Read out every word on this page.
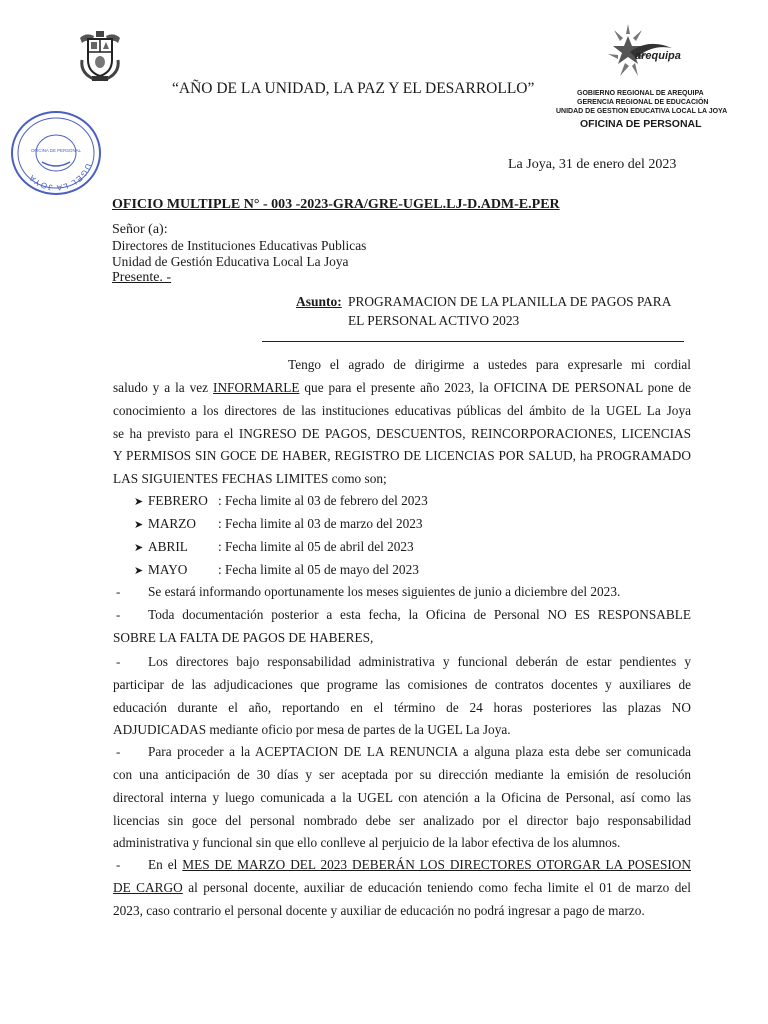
“AÑO DE LA UNIDAD, LA PAZ Y EL DESARROLLO”
arequipa
GOBIERNO REGIONAL DE AREQUIPA
GERENCIA REGIONAL DE EDUCACIÓN
UNIDAD DE GESTION EDUCATIVA LOCAL LA JOYA
OFICINA DE PERSONAL
UGEL LA JOYA
OFICINA DE PERSONAL
La Joya, 31 de enero del 2023
OFICIO MULTIPLE N° - 003 -2023-GRA/GRE-UGEL.LJ-D.ADM-E.PER
Señor (a):
Directores de Instituciones Educativas Publicas
Unidad de Gestión Educativa Local La Joya
Presente. -
Asunto: PROGRAMACION DE LA PLANILLA DE PAGOS PARA
EL PERSONAL ACTIVO 2023
Tengo el agrado de dirigirme a ustedes para expresarle mi cordial
saludo y a la vez INFORMARLE que para el presente año 2023, la OFICINA DE PERSONAL pone de
conocimiento a los directores de las instituciones educativas públicas del ámbito de la UGEL La Joya
se ha previsto para el INGRESO DE PAGOS, DESCUENTOS, REINCORPORACIONES, LICENCIAS
Y PERMISOS SIN GOCE DE HABER, REGISTRO DE LICENCIAS POR SALUD, ha PROGRAMADO
LAS SIGUIENTES FECHAS LIMITES como son;
➤ FEBRERO : Fecha limite al 03 de febrero del 2023
➤ MARZO : Fecha limite al 03 de marzo del 2023
➤ ABRIL : Fecha limite al 05 de abril del 2023
➤ MAYO : Fecha limite al 05 de mayo del 2023
- Se estará informando oportunamente los meses siguientes de junio a diciembre del 2023.
- Toda documentación posterior a esta fecha, la Oficina de Personal NO ES RESPONSABLE
SOBRE LA FALTA DE PAGOS DE HABERES,
- Los directores bajo responsabilidad administrativa y funcional deberán de estar pendientes y
participar de las adjudicaciones que programe las comisiones de contratos docentes y auxiliares de
educación durante el año, reportando en el término de 24 horas posteriores las plazas NO
ADJUDICADAS mediante oficio por mesa de partes de la UGEL La Joya.
- Para proceder a la ACEPTACION DE LA RENUNCIA a alguna plaza esta debe ser comunicada
con una anticipación de 30 días y ser aceptada por su dirección mediante la emisión de resolución
directoral interna y luego comunicada a la UGEL con atención a la Oficina de Personal, así como las
licencias sin goce del personal nombrado debe ser analizado por el director bajo responsabilidad
administrativa y funcional sin que ello conlleve al perjuicio de la labor efectiva de los alumnos.
- En el MES DE MARZO DEL 2023 DEBERÁN LOS DIRECTORES OTORGAR LA POSESION
DE CARGO al personal docente, auxiliar de educación teniendo como fecha limite el 01 de marzo del
2023, caso contrario el personal docente y auxiliar de educación no podrá ingresar a pago de marzo.
